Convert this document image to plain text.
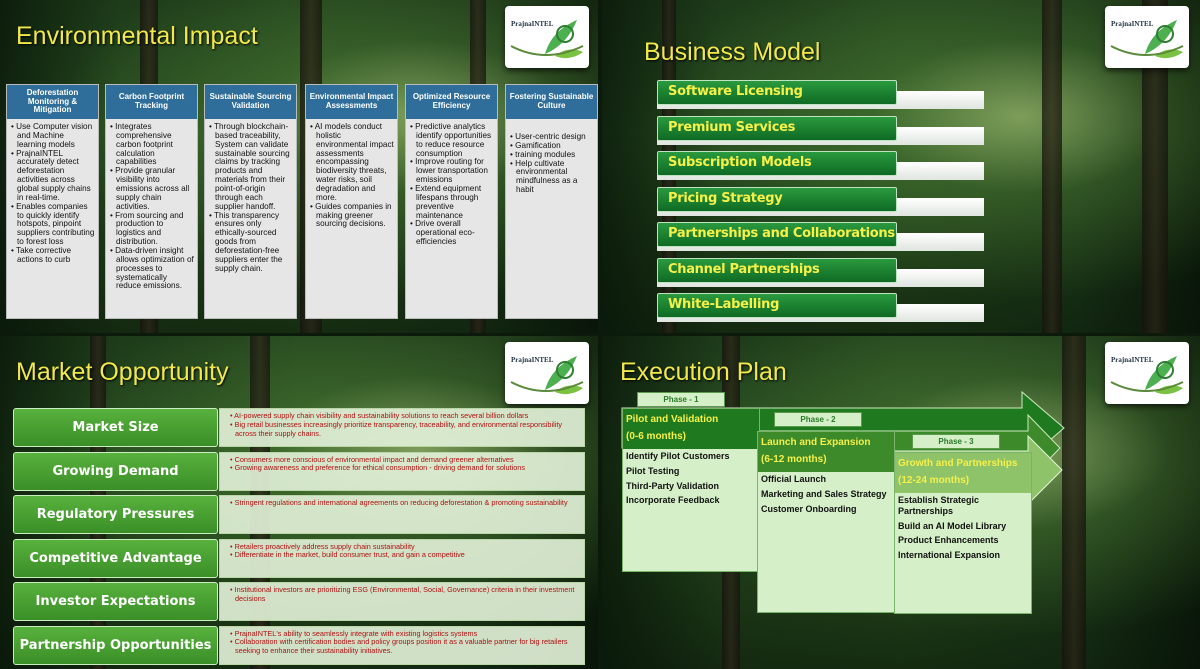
Environmental Impact	PrajnaINTEL
Deforestation Monitoring & Mitigation
• Use Computer vision and Machine learning models
• PrajnaINTEL accurately detect deforestation activities across global supply chains in real-time.
• Enables companies to quickly identify hotspots, pinpoint suppliers contributing to forest loss
• Take corrective actions to curb
Carbon Footprint Tracking
• Integrates comprehensive carbon footprint calculation capabilities
• Provide granular visibility into emissions across all supply chain activities.
• From sourcing and production to logistics and distribution.
• Data-driven insight allows optimization of processes to systematically reduce emissions.
Sustainable Sourcing Validation
• Through blockchain-based traceability, System can validate sustainable sourcing claims by tracking products and materials from their point-of-origin through each supplier handoff.
• This transparency ensures only ethically-sourced goods from deforestation-free suppliers enter the supply chain.
Environmental Impact Assessments
• AI models conduct holistic environmental impact assessments encompassing biodiversity threats, water risks, soil degradation and more.
• Guides companies in making greener sourcing decisions.
Optimized Resource Efficiency
• Predictive analytics identify opportunities to reduce resource consumption
• Improve routing for lower transportation emissions
• Extend equipment lifespans through preventive maintenance
• Drive overall operational eco-efficiencies
Fostering Sustainable Culture
• User-centric design
• Gamification
• training modules
• Help cultivate environmental mindfulness as a habit
Business Model
PrajnaINTEL
Software Licensing
Premium Services
Subscription Models
Pricing Strategy
Partnerships and Collaborations
Channel Partnerships
White-Labelling
Market Opportunity	PrajnaINTEL
Market Size
• AI-powered supply chain visibility and sustainability solutions to reach several billion dollars
• Big retail businesses increasingly prioritize transparency, traceability, and environmental responsibility across their supply chains.
Growing Demand
• Consumers more conscious of environmental impact and demand greener alternatives
• Growing awareness and preference for ethical consumption - driving demand for solutions
Regulatory Pressures
• Stringent regulations and international agreements on reducing deforestation & promoting sustainability
Competitive Advantage
• Retailers proactively address supply chain sustainability
• Differentiate in the market, build consumer trust, and gain a competitive
Investor Expectations
• Institutional investors are prioritizing ESG (Environmental, Social, Governance) criteria in their investment decisions
Partnership Opportunities
• PrajnaINTEL's ability to seamlessly integrate with existing logistics systems
• Collaboration with certification bodies and policy groups position it as a valuable partner for big retailers seeking to enhance their sustainability initiatives.
Execution Plan	PrajnaINTEL
Phase - 1
Pilot and Validation
(0-6 months)
Identify Pilot Customers
Pilot Testing
Third-Party Validation
Incorporate Feedback
Phase - 2
Launch and Expansion
(6-12 months)
Official Launch
Marketing and Sales Strategy
Customer Onboarding
Phase - 3
Growth and Partnerships
(12-24 months)
Establish Strategic Partnerships
Build an AI Model Library
Product Enhancements
International Expansion
